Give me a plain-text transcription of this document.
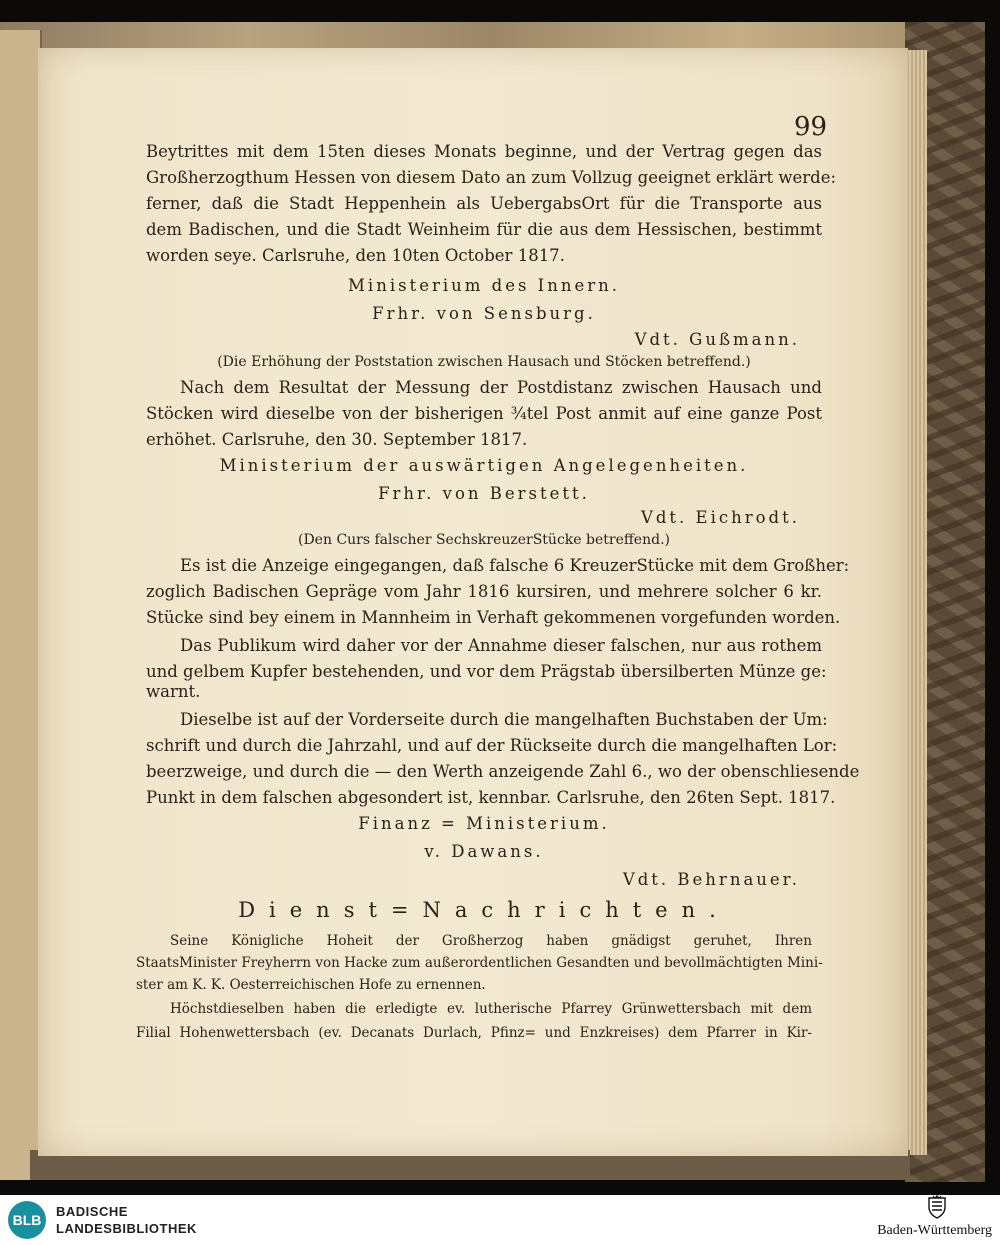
99
Beytrittes mit dem 15ten dieses Monats beginne, und der Vertrag gegen das
Großherzogthum Hessen von diesem Dato an zum Vollzug geeignet erklärt werde:
ferner, daß die Stadt Heppenhein als UebergabsOrt für die Transporte aus
dem Badischen, und die Stadt Weinheim für die aus dem Hessischen, bestimmt
worden seye. Carlsruhe, den 10ten October 1817.
Ministerium des Innern.
Frhr. von Sensburg.
Vdt. Gußmann.
(Die Erhöhung der Poststation zwischen Hausach und Stöcken betreffend.)
Nach dem Resultat der Messung der Postdistanz zwischen Hausach und
Stöcken wird dieselbe von der bisherigen ¾tel Post anmit auf eine ganze Post
erhöhet. Carlsruhe, den 30. September 1817.
Ministerium der auswärtigen Angelegenheiten.
Frhr. von Berstett.
Vdt. Eichrodt.
(Den Curs falscher SechskreuzerStücke betreffend.)
Es ist die Anzeige eingegangen, daß falsche 6 KreuzerStücke mit dem Großher:
zoglich Badischen Gepräge vom Jahr 1816 kursiren, und mehrere solcher 6 kr.
Stücke sind bey einem in Mannheim in Verhaft gekommenen vorgefunden worden.
Das Publikum wird daher vor der Annahme dieser falschen, nur aus rothem
und gelbem Kupfer bestehenden, und vor dem Prägstab übersilberten Münze ge:
warnt.
Dieselbe ist auf der Vorderseite durch die mangelhaften Buchstaben der Um:
schrift und durch die Jahrzahl, und auf der Rückseite durch die mangelhaften Lor:
beerzweige, und durch die — den Werth anzeigende Zahl 6., wo der obenschliesende
Punkt in dem falschen abgesondert ist, kennbar. Carlsruhe, den 26ten Sept. 1817.
Finanz = Ministerium.
v. Dawans.
Vdt. Behrnauer.
Dienst=Nachrichten.
Seine Königliche Hoheit der Großherzog haben gnädigst geruhet, Ihren
StaatsMinister Freyherrn von Hacke zum außerordentlichen Gesandten und bevollmächtigten Mini-
ster am K. K. Oesterreichischen Hofe zu ernennen.
Höchstdieselben haben die erledigte ev. lutherische Pfarrey Grünwettersbach mit dem
Filial Hohenwettersbach (ev. Decanats Durlach, Pfinz= und Enzkreises) dem Pfarrer in Kir-
BLB
BADISCHE
LANDESBIBLIOTHEK	Baden-Württemberg
